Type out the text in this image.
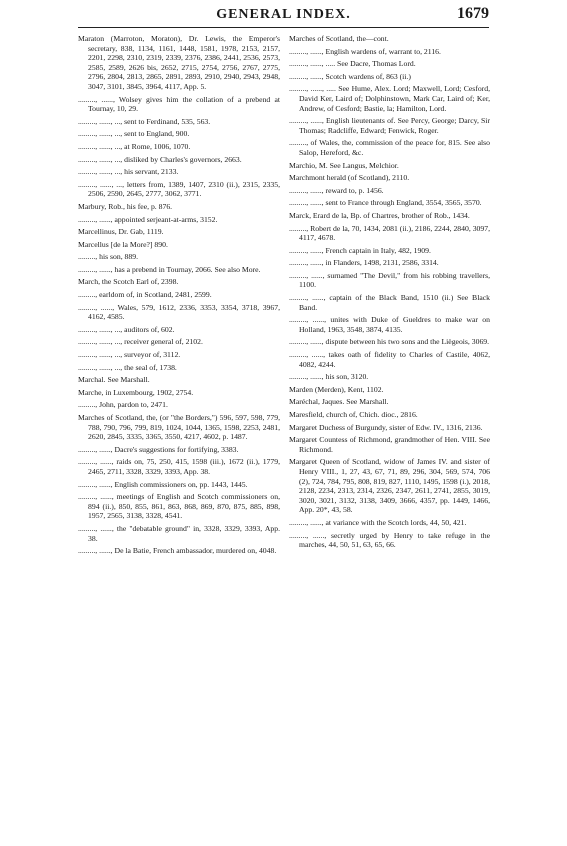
GENERAL INDEX.	1679
Maraton (Marroton, Moraton), Dr. Lewis, the Emperor's secretary, 838, 1134, 1161, 1448, 1581, 1978, 2153, 2157, 2201, 2298, 2310, 2319, 2339, 2376, 2386, 2441, 2536, 2573, 2585, 2589, 2626 bis, 2652, 2715, 2754, 2756, 2767, 2775, 2796, 2804, 2813, 2865, 2891, 2893, 2910, 2940, 2943, 2948, 3047, 3101, 3845, 3964, 4117, App. 5.
........., ......, Wolsey gives him the collation of a prebend at Tournay, 10, 29.
........., ......, ..., sent to Ferdinand, 535, 563.
........., ......, ..., sent to England, 900.
........., ......, ..., at Rome, 1006, 1070.
........., ......, ..., disliked by Charles's governors, 2663.
........., ......, ..., his servant, 2133.
........., ......, ..., letters from, 1389, 1407, 2310 (ii.), 2315, 2335, 2506, 2590, 2645, 2777, 3062, 3771.
Marbury, Rob., his fee, p. 876.
........., ......, appointed serjeant-at-arms, 3152.
Marcellinus, Dr. Gab, 1119.
Marcellus [de la More?] 890.
........., his son, 889.
........., ......, has a prebend in Tournay, 2066. See also More.
March, the Scotch Earl of, 2398.
........., earldom of, in Scotland, 2481, 2599.
........., ......, Wales, 579, 1612, 2336, 3353, 3354, 3718, 3967, 4162, 4585.
........., ......, ..., auditors of, 602.
........., ......, ..., receiver general of, 2102.
........., ......, ..., surveyor of, 3112.
........., ......, ..., the seal of, 1738.
Marchal. See Marshall.
Marche, in Luxembourg, 1902, 2754.
........., John, pardon to, 2471.
Marches of Scotland, the, (or "the Borders,") 596, 597, 598, 779, 788, 790, 796, 799, 819, 1024, 1044, 1365, 1598, 2253, 2481, 2620, 2845, 3335, 3365, 3550, 4217, 4602, p. 1487.
........., ......, Dacre's suggestions for fortifying, 3383.
........., ......, raids on, 75, 250, 415, 1598 (iii.), 1672 (ii.), 1779, 2465, 2711, 3328, 3329, 3393, App. 38.
........., ......, English commissioners on, pp. 1443, 1445.
........., ......, meetings of English and Scotch commissioners on, 894 (ii.), 850, 855, 861, 863, 868, 869, 870, 875, 885, 898, 1957, 2565, 3138, 3328, 4541.
........., ......, the "debatable ground" in, 3328, 3329, 3393, App. 38.
........., ......, De la Batie, French ambassador, murdered on, 4048.
Marches of Scotland, the—cont.
........., ......, English wardens of, warrant to, 2116.
........., ......, ..... See Dacre, Thomas Lord.
........., ......, Scotch wardens of, 863 (ii.)
........., ......, ..... See Hume, Alex. Lord; Maxwell, Lord; Cesford, David Ker, Laird of; Dolphinstown, Mark Car, Laird of; Ker, Andrew, of Cesford; Bastie, la; Hamilton, Lord.
........., ......, English lieutenants of. See Percy, George; Darcy, Sir Thomas; Radcliffe, Edward; Fenwick, Roger.
........., of Wales, the, commission of the peace for, 815. See also Salop, Hereford, &c.
Marchio, M. See Langus, Melchior.
Marchmont herald (of Scotland), 2110.
........., ......, reward to, p. 1456.
........., ......, sent to France through England, 3554, 3565, 3570.
Marck, Erard de la, Bp. of Chartres, brother of Rob., 1434.
........., Robert de la, 70, 1434, 2081 (ii.), 2186, 2244, 2840, 3097, 4117, 4678.
........., ......, French captain in Italy, 482, 1909.
........., ......, in Flanders, 1498, 2131, 2586, 3314.
........., ......, surnamed "The Devil," from his robbing travellers, 1100.
........., ......, captain of the Black Band, 1510 (ii.) See Black Band.
........., ......, unites with Duke of Gueldres to make war on Holland, 1963, 3548, 3874, 4135.
........., ......, dispute between his two sons and the Liègeois, 3069.
........., ......, takes oath of fidelity to Charles of Castile, 4062, 4082, 4244.
........., ......, his son, 3120.
Marden (Merden), Kent, 1102.
Maréchal, Jaques. See Marshall.
Maresfield, church of, Chich. dioc., 2816.
Margaret Duchess of Burgundy, sister of Edw. IV., 1316, 2136.
Margaret Countess of Richmond, grandmother of Hen. VIII. See Richmond.
Margaret Queen of Scotland, widow of James IV. and sister of Henry VIII., 1, 27, 43, 67, 71, 89, 296, 304, 569, 574, 706 (2), 724, 784, 795, 808, 819, 827, 1110, 1495, 1598 (i.), 2018, 2128, 2234, 2313, 2314, 2326, 2347, 2611, 2741, 2855, 3019, 3020, 3021, 3132, 3138, 3409, 3666, 4357, pp. 1449, 1466, App. 20*, 43, 58.
........., ......, at variance with the Scotch lords, 44, 50, 421.
........., ......, secretly urged by Henry to take refuge in the marches, 44, 50, 51, 63, 65, 66.
